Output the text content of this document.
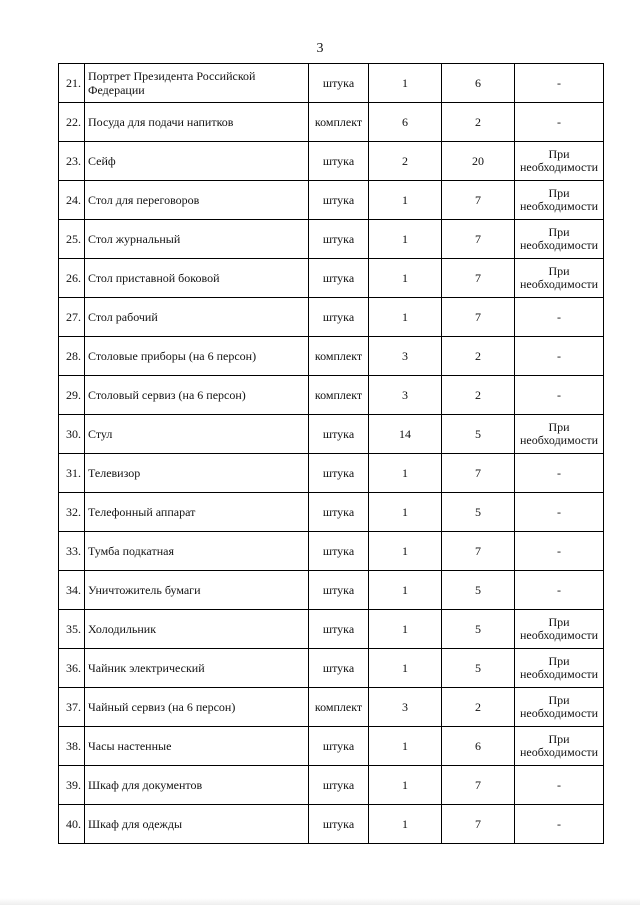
3
21.	Портрет Президента Российской Федерации	штука	1	6	-
22.	Посуда для подачи напитков	комплект	6	2	-
23.	Сейф	штука	2	20	При необходимости
24.	Стол для переговоров	штука	1	7	При необходимости
25.	Стол журнальный	штука	1	7	При необходимости
26.	Стол приставной боковой	штука	1	7	При необходимости
27.	Стол рабочий	штука	1	7	-
28.	Столовые приборы (на 6 персон)	комплект	3	2	-
29.	Столовый сервиз (на 6 персон)	комплект	3	2	-
30.	Стул	штука	14	5	При необходимости
31.	Телевизор	штука	1	7	-
32.	Телефонный аппарат	штука	1	5	-
33.	Тумба подкатная	штука	1	7	-
34.	Уничтожитель бумаги	штука	1	5	-
35.	Холодильник	штука	1	5	При необходимости
36.	Чайник электрический	штука	1	5	При необходимости
37.	Чайный сервиз (на 6 персон)	комплект	3	2	При необходимости
38.	Часы настенные	штука	1	6	При необходимости
39.	Шкаф для документов	штука	1	7	-
40.	Шкаф для одежды	штука	1	7	-
